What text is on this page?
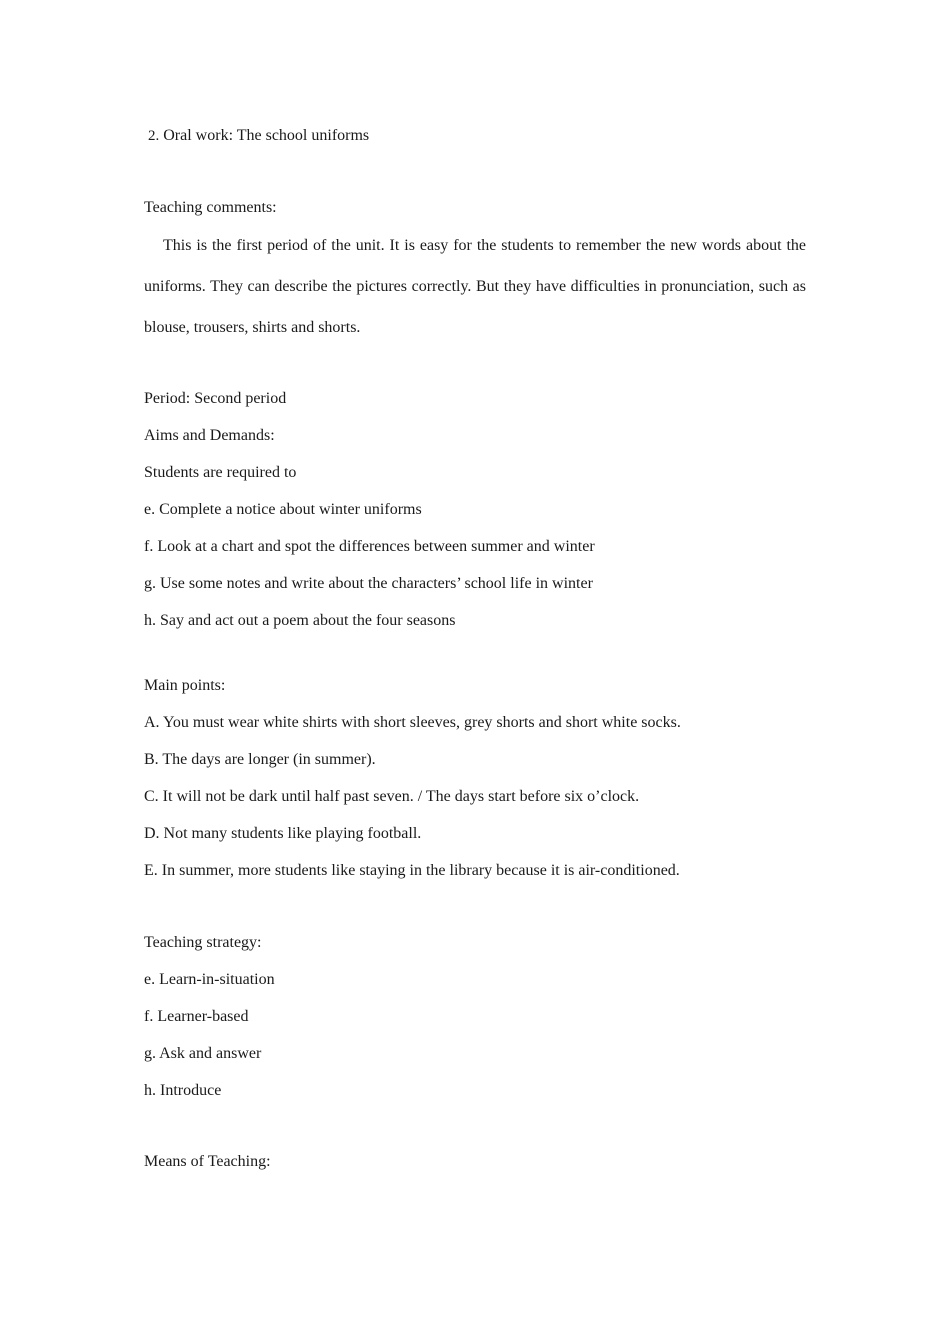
2. Oral work: The school uniforms
Teaching comments:

This is the first period of the unit. It is easy for the students to remember the new words about the uniforms. They can describe the pictures correctly. But they have difficulties in pronunciation, such as blouse, trousers, shirts and shorts.

Period: Second period
Aims and Demands:
Students are required to
e. Complete a notice about winter uniforms
f. Look at a chart and spot the differences between summer and winter
g. Use some notes and write about the characters’ school life in winter
h. Say and act out a poem about the four seasons
Main points:
A. You must wear white shirts with short sleeves, grey shorts and short white socks.
B. The days are longer (in summer).
C. It will not be dark until half past seven. / The days start before six o’clock.
D. Not many students like playing football.
E. In summer, more students like staying in the library because it is air-conditioned.
Teaching strategy:
e. Learn-in-situation
f. Learner-based
g. Ask and answer
h. Introduce
Means of Teaching:
